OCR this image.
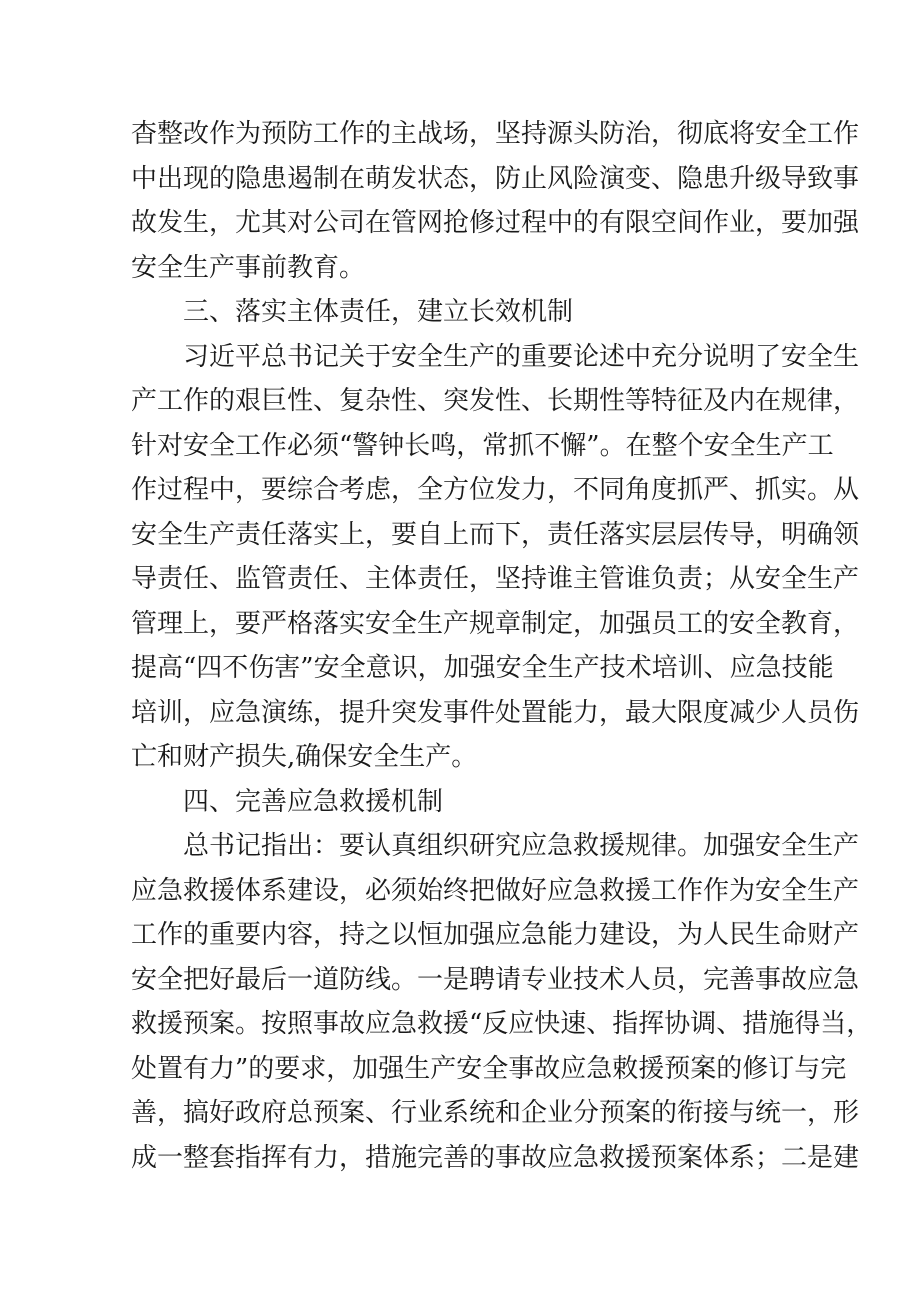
杳整改作为预防工作的主战场，坚持源头防治，彻底将安全工作
中出现的隐患遏制在萌发状态，防止风险演变、隐患升级导致事
故发生，尤其对公司在管网抢修过程中的有限空间作业，要加强
安全生产事前教育。
三、落实主体责任，建立长效机制
习近平总书记关于安全生产的重要论述中充分说明了安全生
产工作的艰巨性、复杂性、突发性、长期性等特征及内在规律，
针对安全工作必须“警钟长鸣，常抓不懈”。在整个安全生产工
作过程中，要综合考虑，全方位发力，不同角度抓严、抓实。从
安全生产责任落实上，要自上而下，责任落实层层传导，明确领
导责任、监管责任、主体责任，坚持谁主管谁负责；从安全生产
管理上，要严格落实安全生产规章制定，加强员工的安全教育，
提高“四不伤害”安全意识，加强安全生产技术培训、应急技能
培训，应急演练，提升突发事件处置能力，最大限度减少人员伤
亡和财产损失,确保安全生产。
四、完善应急救援机制
总书记指出：要认真组织研究应急救援规律。加强安全生产
应急救援体系建设，必须始终把做好应急救援工作作为安全生产
工作的重要内容，持之以恒加强应急能力建设，为人民生命财产
安全把好最后一道防线。一是聘请专业技术人员，完善事故应急
救援预案。按照事故应急救援“反应快速、指挥协调、措施得当，
处置有力”的要求，加强生产安全事故应急敕援预案的修订与完
善，搞好政府总预案、行业系统和企业分预案的衔接与统一，形
成一整套指挥有力，措施完善的事故应急救援预案体系；二是建
